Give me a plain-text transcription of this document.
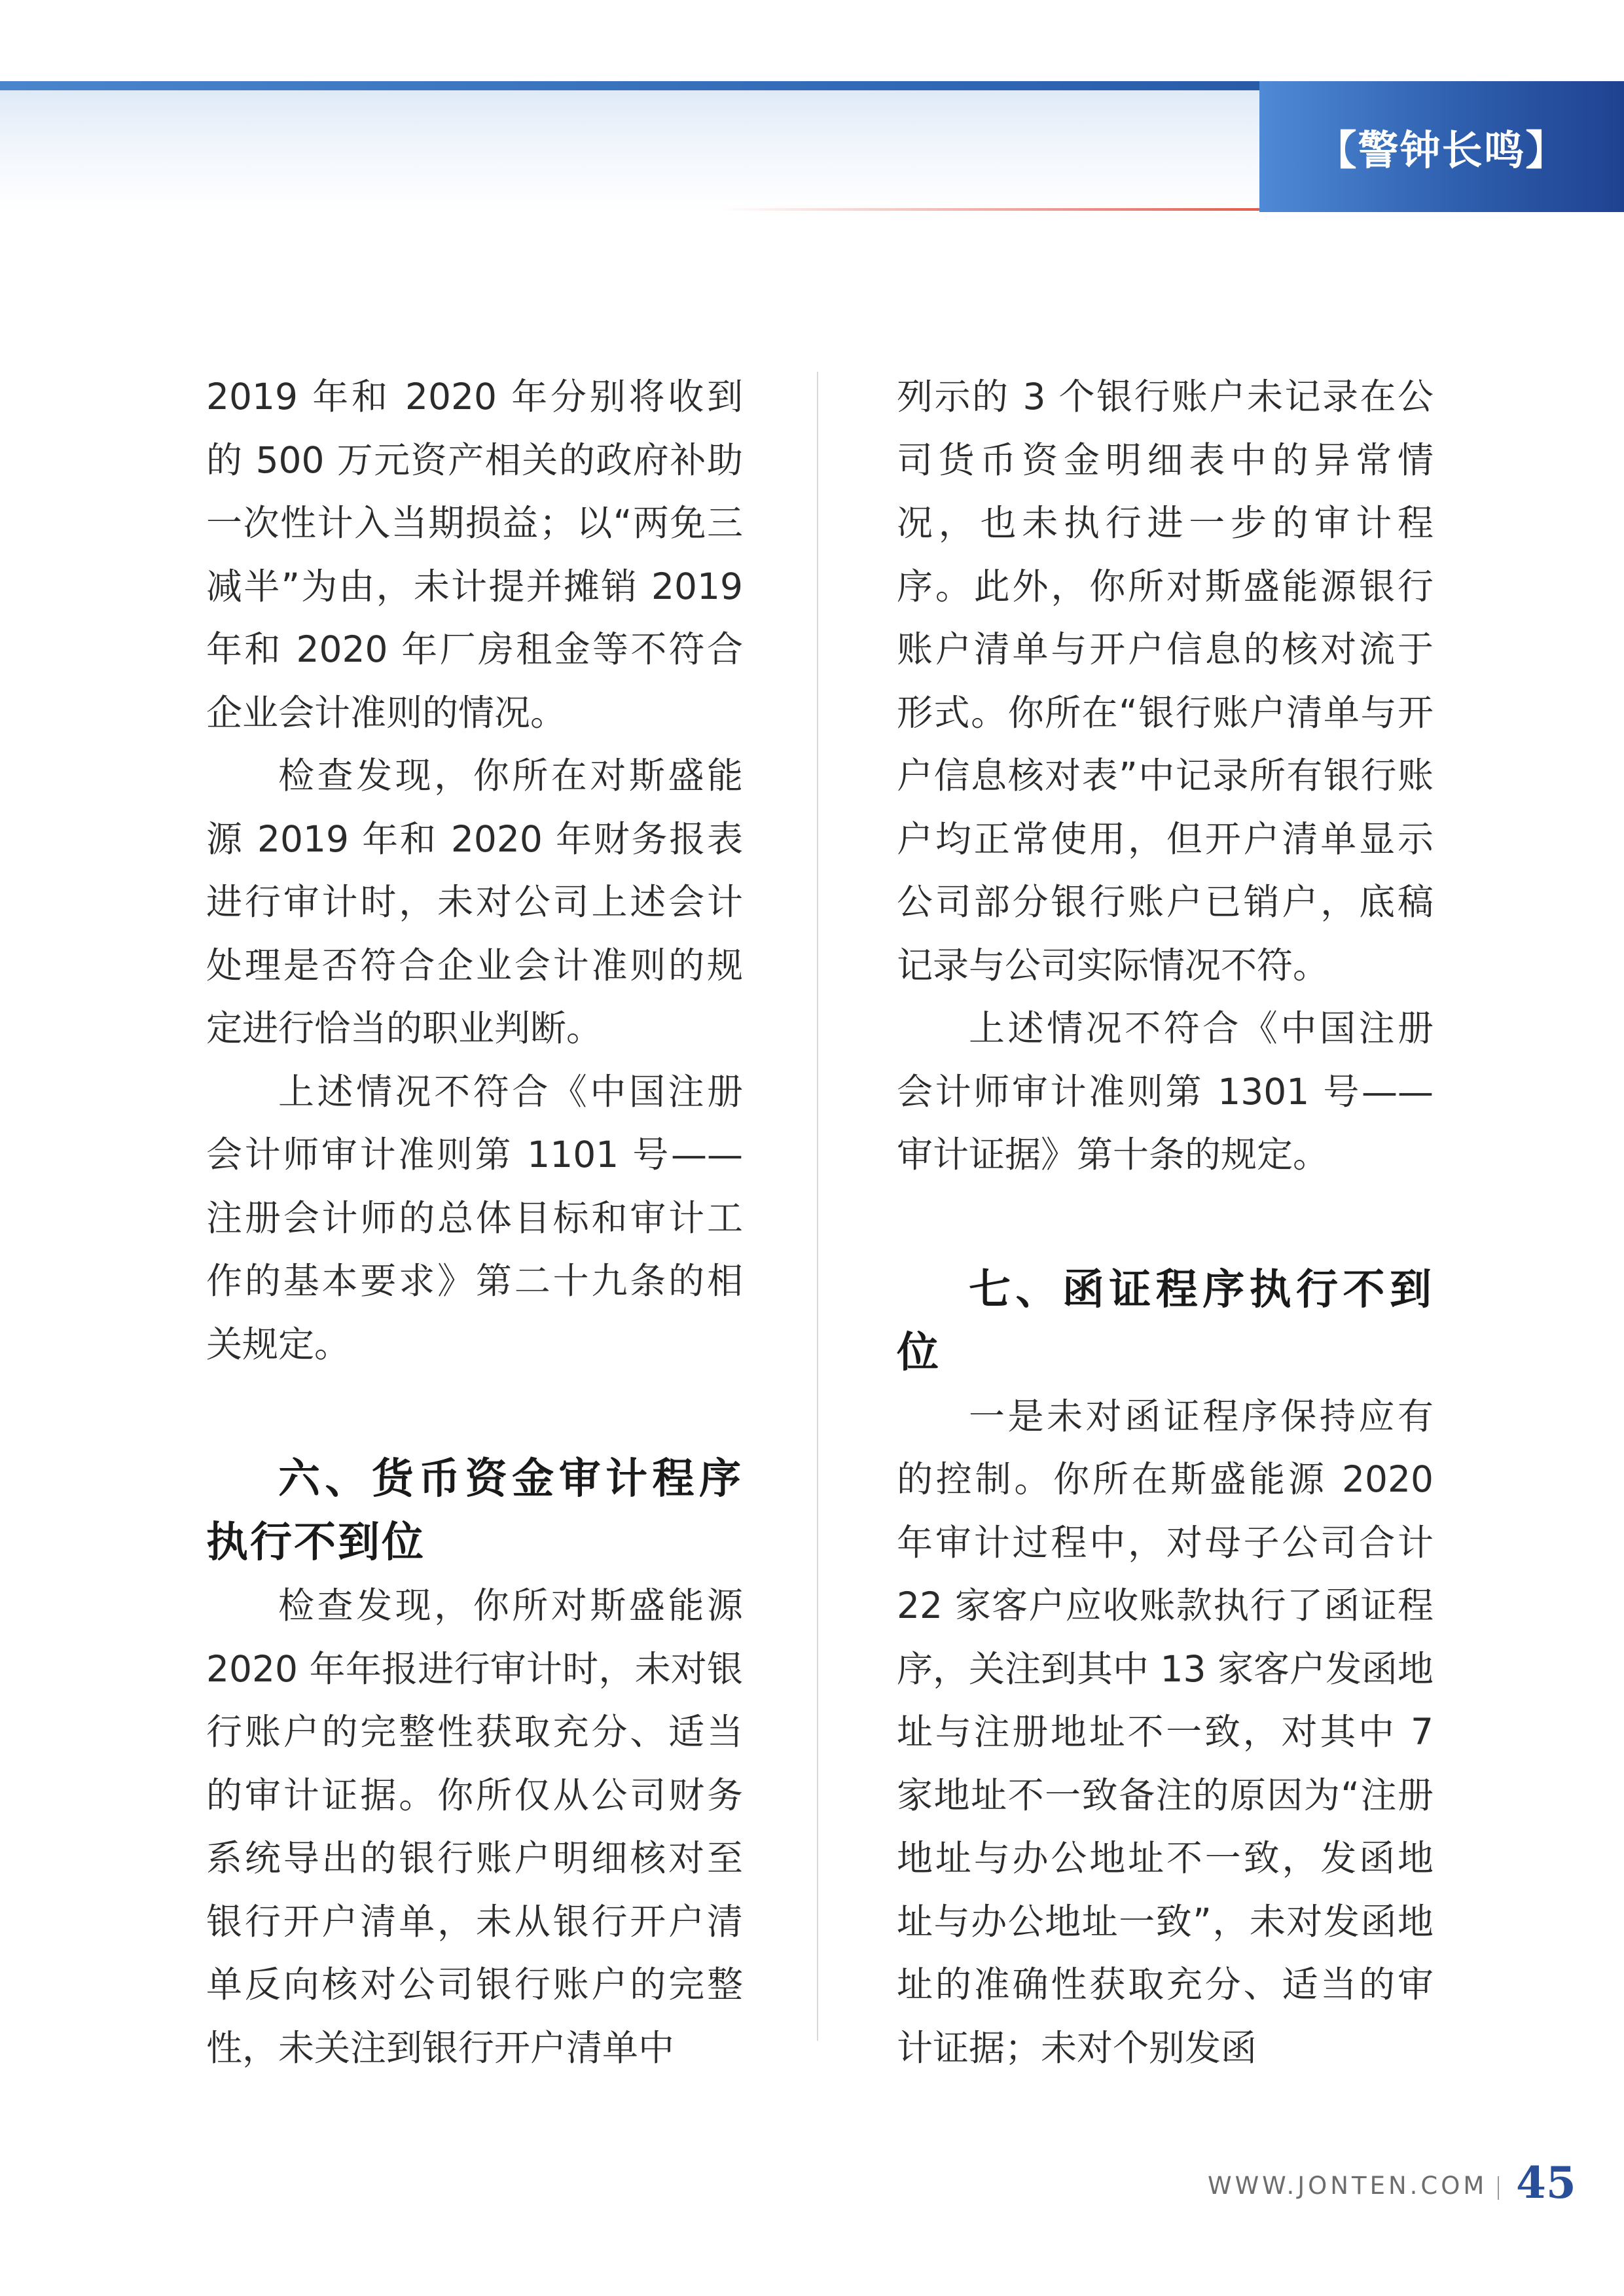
【警钟长鸣】

2019 年和 2020 年分别将收到的 500 万元资产相关的政府补助一次性计入当期损益；以“两免三减半”为由，未计提并摊销 2019 年和 2020 年厂房租金等不符合企业会计准则的情况。

检查发现，你所在对斯盛能源 2019 年和 2020 年财务报表进行审计时，未对公司上述会计处理是否符合企业会计准则的规定进行恰当的职业判断。

上述情况不符合《中国注册会计师审计准则第 1101 号——注册会计师的总体目标和审计工作的基本要求》第二十九条的相关规定。

六、货币资金审计程序执行不到位

检查发现，你所对斯盛能源 2020 年年报进行审计时，未对银行账户的完整性获取充分、适当的审计证据。你所仅从公司财务系统导出的银行账户明细核对至银行开户清单，未从银行开户清单反向核对公司银行账户的完整性，未关注到银行开户清单中

列示的 3 个银行账户未记录在公司货币资金明细表中的异常情况，也未执行进一步的审计程序。此外，你所对斯盛能源银行账户清单与开户信息的核对流于形式。你所在“银行账户清单与开户信息核对表”中记录所有银行账户均正常使用，但开户清单显示公司部分银行账户已销户，底稿记录与公司实际情况不符。

上述情况不符合《中国注册会计师审计准则第 1301 号——审计证据》第十条的规定。

七、函证程序执行不到位

一是未对函证程序保持应有的控制。你所在斯盛能源 2020 年审计过程中，对母子公司合计 22 家客户应收账款执行了函证程序，关注到其中 13 家客户发函地址与注册地址不一致，对其中 7 家地址不一致备注的原因为“注册地址与办公地址不一致，发函地址与办公地址一致”，未对发函地址的准确性获取充分、适当的审计证据；未对个别发函

WWW.JONTEN.COM 45
